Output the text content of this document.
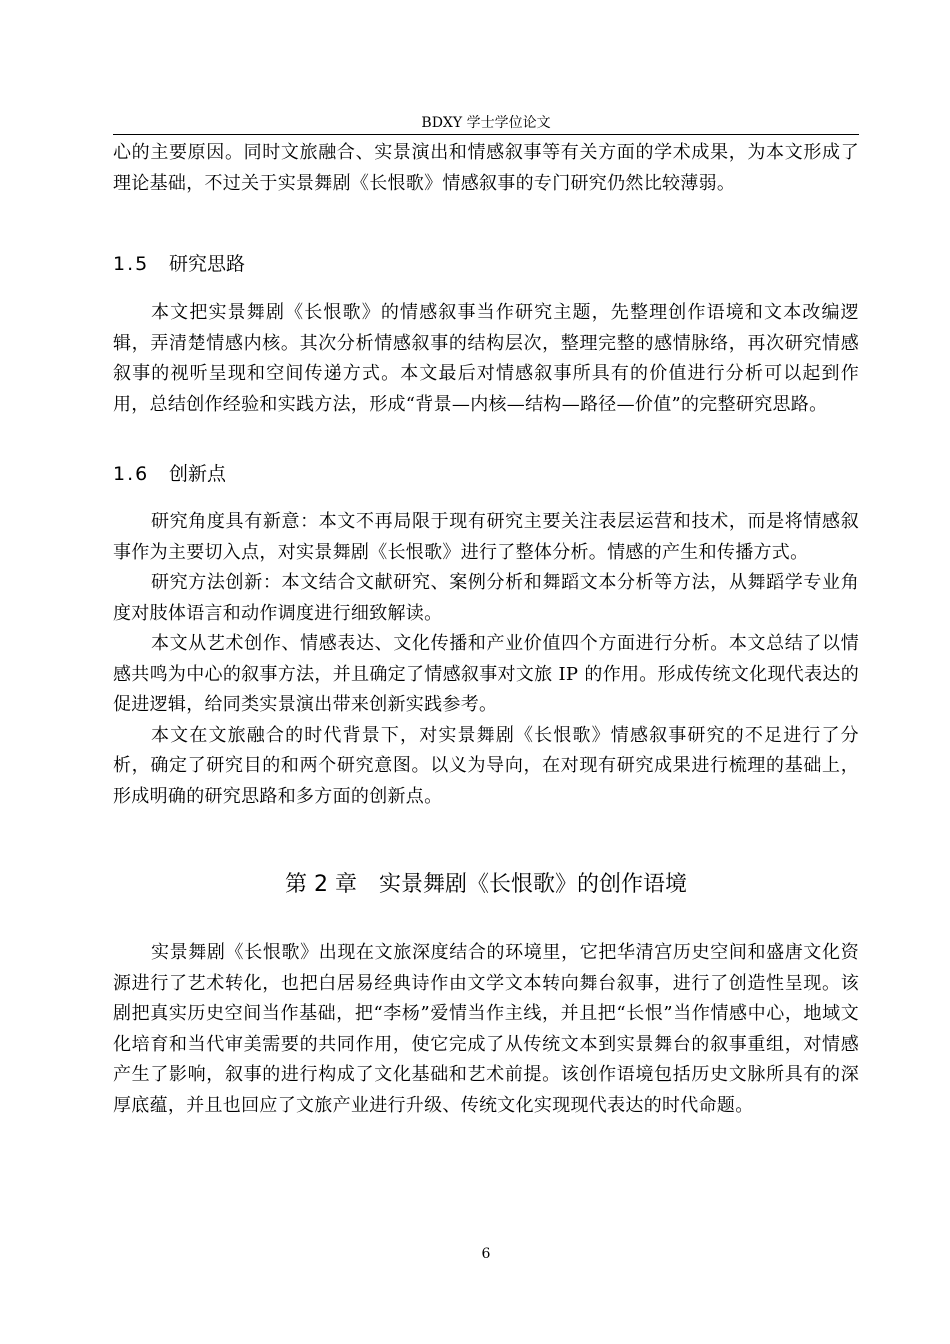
BDXY 学士学位论文

心的主要原因。同时文旅融合、实景演出和情感叙事等有关方面的学术成果，为本文形成了理论基础，不过关于实景舞剧《长恨歌》情感叙事的专门研究仍然比较薄弱。

1.5 研究思路

本文把实景舞剧《长恨歌》的情感叙事当作研究主题，先整理创作语境和文本改编逻辑，弄清楚情感内核。其次分析情感叙事的结构层次，整理完整的感情脉络，再次研究情感叙事的视听呈现和空间传递方式。本文最后对情感叙事所具有的价值进行分析可以起到作用，总结创作经验和实践方法，形成“背景—内核—结构—路径—价值”的完整研究思路。

1.6 创新点

研究角度具有新意：本文不再局限于现有研究主要关注表层运营和技术，而是将情感叙事作为主要切入点，对实景舞剧《长恨歌》进行了整体分析。情感的产生和传播方式。

研究方法创新：本文结合文献研究、案例分析和舞蹈文本分析等方法，从舞蹈学专业角度对肢体语言和动作调度进行细致解读。

本文从艺术创作、情感表达、文化传播和产业价值四个方面进行分析。本文总结了以情感共鸣为中心的叙事方法，并且确定了情感叙事对文旅 IP 的作用。形成传统文化现代表达的促进逻辑，给同类实景演出带来创新实践参考。

本文在文旅融合的时代背景下，对实景舞剧《长恨歌》情感叙事研究的不足进行了分析，确定了研究目的和两个研究意图。以义为导向，在对现有研究成果进行梳理的基础上，形成明确的研究思路和多方面的创新点。

第 2 章 实景舞剧《长恨歌》的创作语境

实景舞剧《长恨歌》出现在文旅深度结合的环境里，它把华清宫历史空间和盛唐文化资源进行了艺术转化，也把白居易经典诗作由文学文本转向舞台叙事，进行了创造性呈现。该剧把真实历史空间当作基础，把“李杨”爱情当作主线，并且把“长恨”当作情感中心，地域文化培育和当代审美需要的共同作用，使它完成了从传统文本到实景舞台的叙事重组，对情感产生了影响，叙事的进行构成了文化基础和艺术前提。该创作语境包括历史文脉所具有的深厚底蕴，并且也回应了文旅产业进行升级、传统文化实现现代表达的时代命题。

6
